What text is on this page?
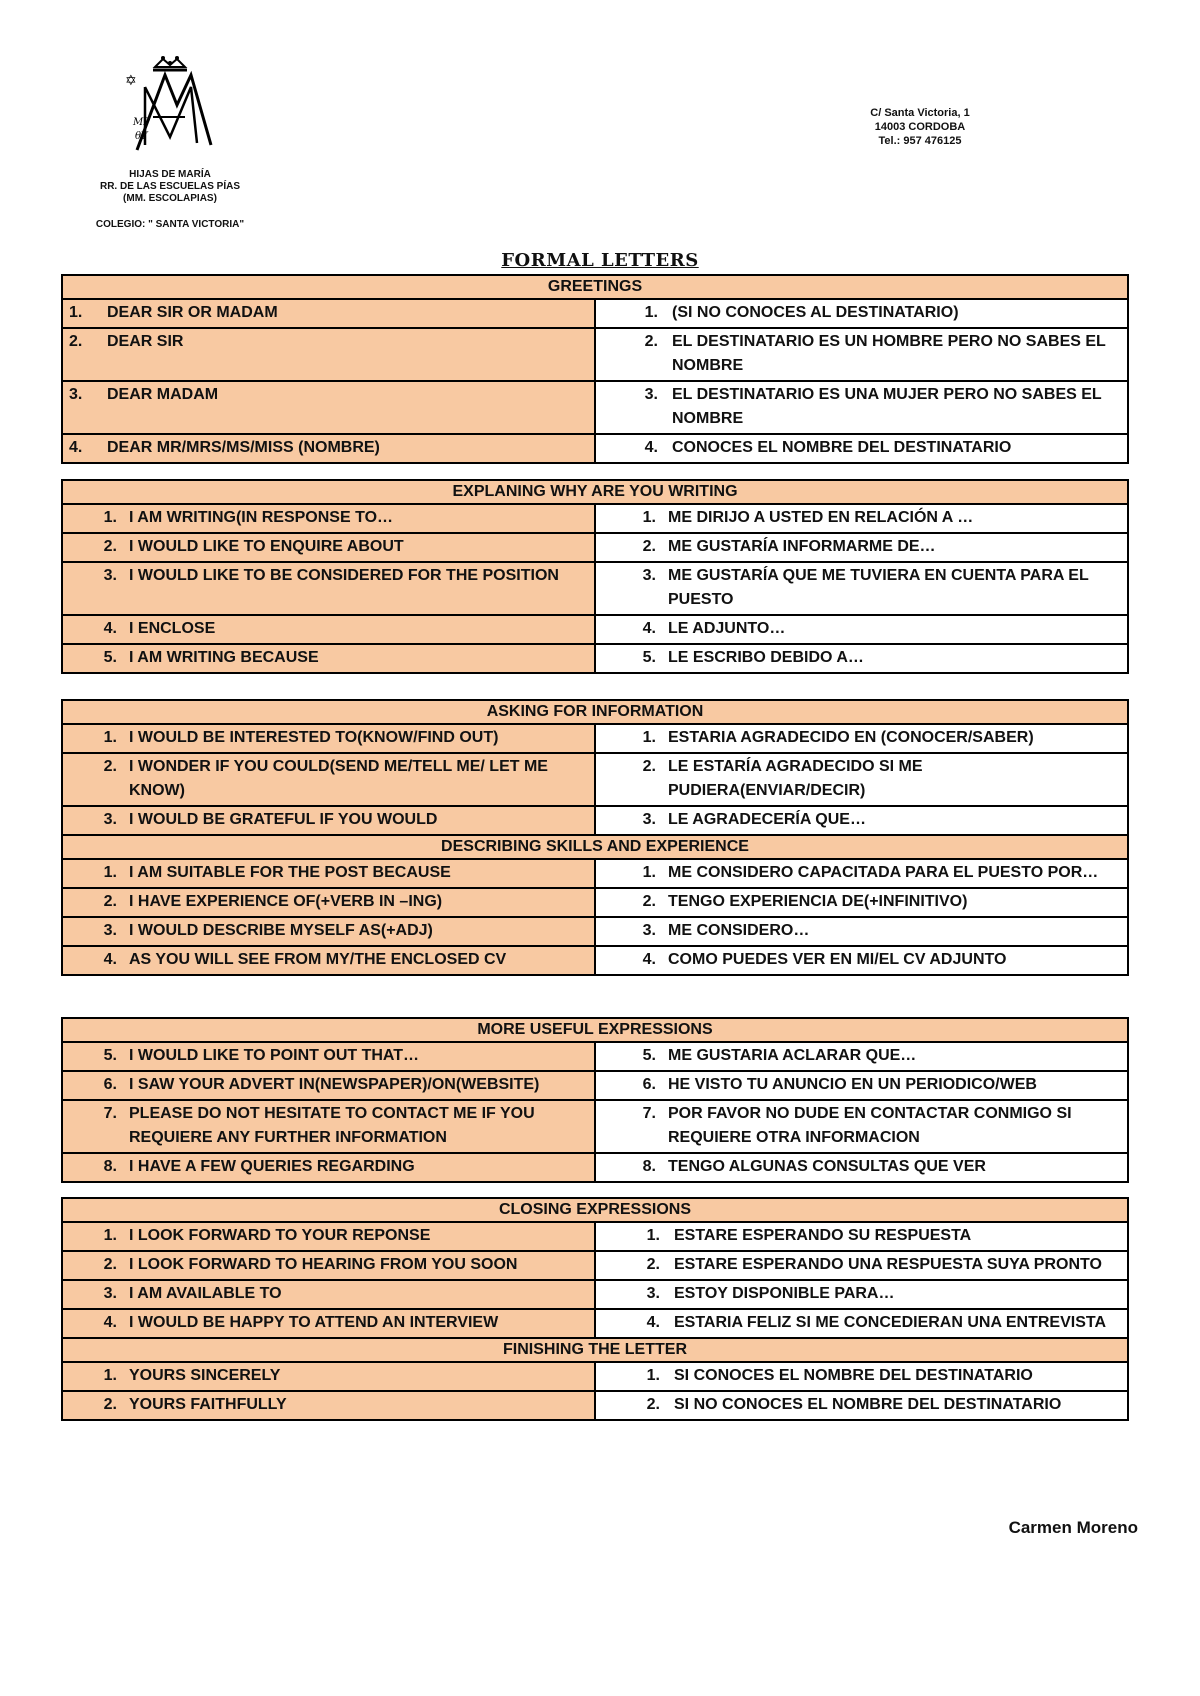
✡
MP
θY
HIJAS DE MARÍA
RR. DE LAS ESCUELAS PÍAS
(MM. ESCOLAPIAS)
COLEGIO: " SANTA VICTORIA"
C/ Santa Victoria, 1
14003 CORDOBA
Tel.: 957 476125
FORMAL LETTERS
GREETINGS	

1. DEAR SIR OR MADAM	1. (SI NO CONOCES AL DESTINATARIO)

2. DEAR SIR	2. EL DESTINATARIO ES UN HOMBRE PERO NO SABES EL NOMBRE

3. DEAR MADAM	3. EL DESTINATARIO ES UNA MUJER PERO NO SABES EL NOMBRE

4. DEAR MR/MRS/MS/MISS (NOMBRE)	4. CONOCES EL NOMBRE DEL DESTINATARIO
EXPLANING WHY ARE YOU WRITING	

1. I AM WRITING(IN RESPONSE TO…	1. ME DIRIJO A USTED EN RELACIÓN A …

2. I WOULD LIKE TO ENQUIRE ABOUT	2. ME GUSTARÍA INFORMARME DE…

3. I WOULD LIKE TO BE CONSIDERED FOR THE POSITION	3. ME GUSTARÍA QUE ME TUVIERA EN CUENTA PARA EL PUESTO

4. I ENCLOSE	4. LE ADJUNTO…

5. I AM WRITING BECAUSE	5. LE ESCRIBO DEBIDO A…
ASKING FOR INFORMATION	

1. I WOULD BE INTERESTED TO(KNOW/FIND OUT)	1. ESTARIA AGRADECIDO EN (CONOCER/SABER)

2. I WONDER IF YOU COULD(SEND ME/TELL ME/ LET ME KNOW)	2. LE ESTARÍA AGRADECIDO SI ME PUDIERA(ENVIAR/DECIR)

3. I WOULD BE GRATEFUL IF YOU WOULD	3. LE AGRADECERÍA QUE…

DESCRIBING SKILLS AND EXPERIENCE	

1. I AM SUITABLE FOR THE POST BECAUSE	1. ME CONSIDERO CAPACITADA PARA EL PUESTO POR…

2. I HAVE EXPERIENCE OF(+VERB IN –ING)	2. TENGO EXPERIENCIA DE(+INFINITIVO)

3. I WOULD DESCRIBE MYSELF AS(+ADJ)	3. ME CONSIDERO…

4. AS YOU WILL SEE FROM MY/THE ENCLOSED CV	4. COMO PUEDES VER EN MI/EL CV ADJUNTO
MORE USEFUL EXPRESSIONS	

5. I WOULD LIKE TO POINT OUT THAT…	5. ME GUSTARIA ACLARAR QUE…

6. I SAW YOUR ADVERT IN(NEWSPAPER)/ON(WEBSITE)	6. HE VISTO TU ANUNCIO EN UN PERIODICO/WEB

7. PLEASE DO NOT HESITATE TO CONTACT ME IF YOU REQUIERE ANY FURTHER INFORMATION	7. POR FAVOR NO DUDE EN CONTACTAR CONMIGO SI REQUIERE OTRA INFORMACION

8. I HAVE A FEW QUERIES REGARDING	8. TENGO ALGUNAS CONSULTAS QUE VER
CLOSING EXPRESSIONS	

1. I LOOK FORWARD TO YOUR REPONSE	1. ESTARE ESPERANDO SU RESPUESTA

2. I LOOK FORWARD TO HEARING FROM YOU SOON	2. ESTARE ESPERANDO UNA RESPUESTA SUYA PRONTO

3. I AM AVAILABLE TO	3. ESTOY DISPONIBLE PARA…

4. I WOULD BE HAPPY TO ATTEND AN INTERVIEW	4. ESTARIA FELIZ SI ME CONCEDIERAN UNA ENTREVISTA

FINISHING THE LETTER	

1. YOURS SINCERELY	1. SI CONOCES EL NOMBRE DEL DESTINATARIO

2. YOURS FAITHFULLY	2. SI NO CONOCES EL NOMBRE DEL DESTINATARIO
Carmen Moreno
